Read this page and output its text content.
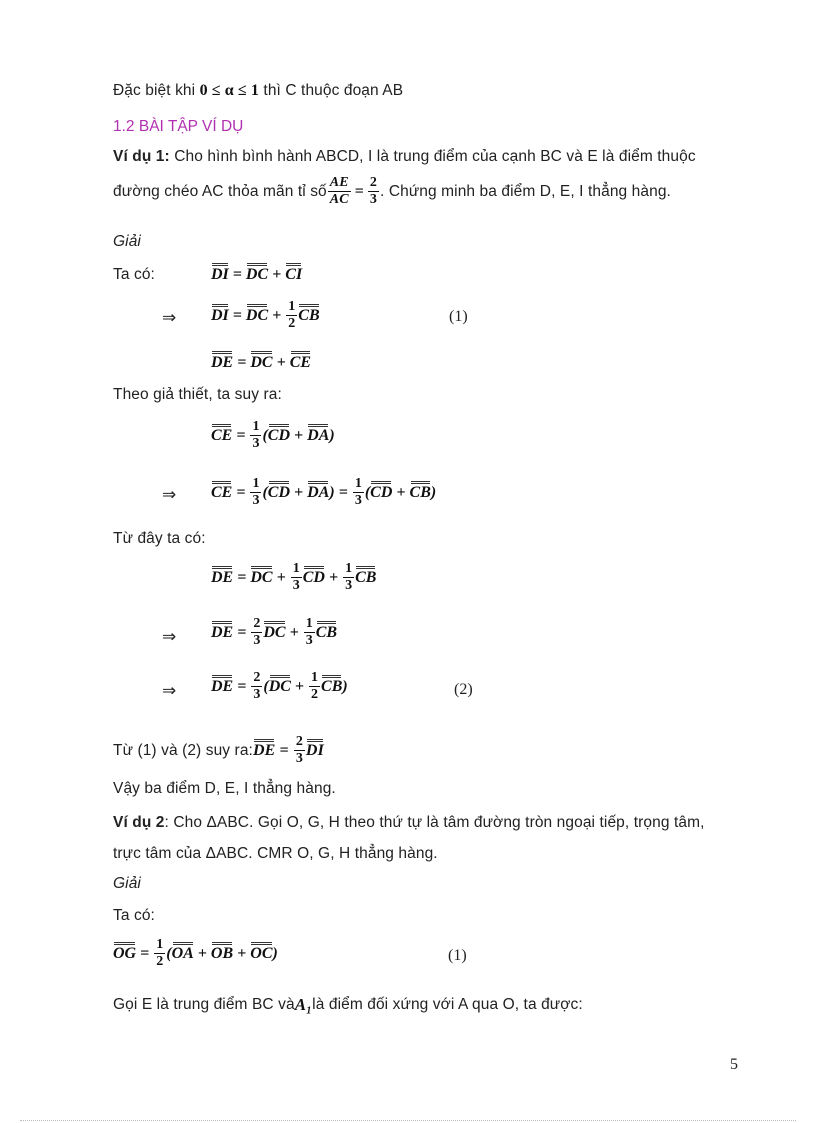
Đặc biệt khi 0 ≤ α ≤ 1 thì C thuộc đoạn AB
1.2 BÀI TẬP VÍ DỤ
Ví dụ 1: Cho hình bình hành ABCD, I là trung điểm của cạnh BC và E là điểm thuộc
đường chéo AC thỏa mãn tỉ số $\frac{AE}{AC} = \frac{2}{3}$ . Chứng minh ba điểm D, E, I thẳng hàng.
Giải
Ta có:	DI = DC + CI
⇒ DI = DC + $\frac{1}{2}$ CB	(1)
DE = DC + CE
Theo giả thiết, ta suy ra:
CE = $\frac{1}{3}$ ( CD + DA )
⇒ CE = $\frac{1}{3}$ ( CD + DA ) = $\frac{1}{3}$ ( CD + CB )
Từ đây ta có:
DE = DC + $\frac{1}{3}$ CD + $\frac{1}{3}$ CB
⇒ DE = $\frac{2}{3}$ DC + $\frac{1}{3}$ CB
⇒ DE = $\frac{2}{3}$ ( DC + $\frac{1}{2}$ CB )	(2)
Từ (1) và (2) suy ra: DE = $\frac{2}{3}$ DI
Vậy ba điểm D, E, I thẳng hàng.
Ví dụ 2: Cho ΔABC. Gọi O, G, H theo thứ tự là tâm đường tròn ngoại tiếp, trọng tâm,
trực tâm của ΔABC. CMR O, G, H thẳng hàng.
Giải
Ta có:
OG = $\frac{1}{2}$ ( OA + OB + OC )	(1)
Gọi E là trung điểm BC và A₁ là điểm đối xứng với A qua O, ta được:
5
